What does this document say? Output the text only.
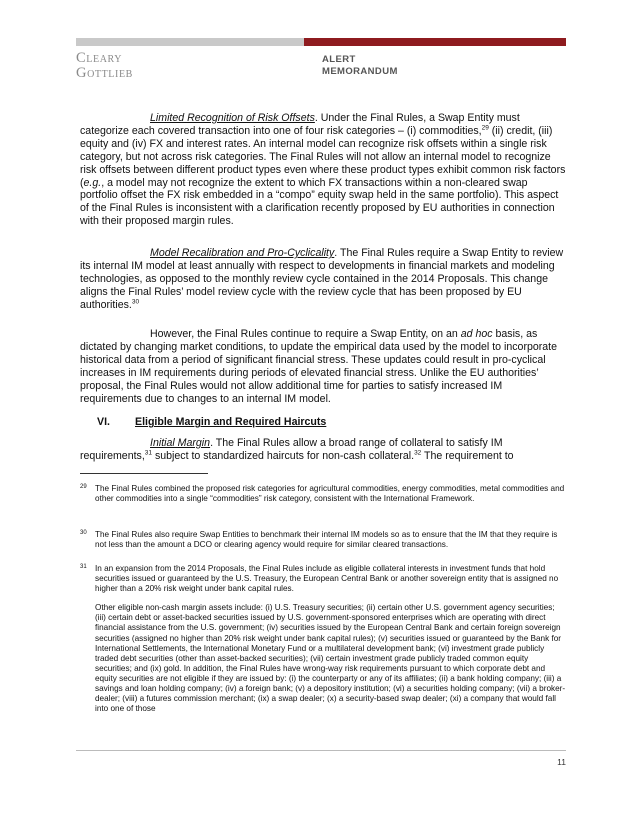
Cleary
Gottlieb
ALERT
MEMORANDUM

Limited Recognition of Risk Offsets. Under the Final Rules, a Swap Entity must categorize each covered transaction into one of four risk categories – (i) commodities,$^{29}$ (ii) credit, (iii) equity and (iv) FX and interest rates. An internal model can recognize risk offsets within a single risk category, but not across risk categories. The Final Rules will not allow an internal model to recognize risk offsets between different product types even where these product types exhibit common risk factors (e.g., a model may not recognize the extent to which FX transactions within a non-cleared swap portfolio offset the FX risk embedded in a “compo” equity swap held in the same portfolio). This aspect of the Final Rules is inconsistent with a clarification recently proposed by EU authorities in connection with their proposed margin rules.

Model Recalibration and Pro-Cyclicality. The Final Rules require a Swap Entity to review its internal IM model at least annually with respect to developments in financial markets and modeling technologies, as opposed to the monthly review cycle contained in the 2014 Proposals. This change aligns the Final Rules’ model review cycle with the review cycle that has been proposed by EU authorities.$^{30}$

However, the Final Rules continue to require a Swap Entity, on an ad hoc basis, as dictated by changing market conditions, to update the empirical data used by the model to incorporate historical data from a period of significant financial stress. These updates could result in pro-cyclical increases in IM requirements during periods of elevated financial stress. Unlike the EU authorities’ proposal, the Final Rules would not allow additional time for parties to satisfy increased IM requirements due to changes to an internal IM model.

VI. Eligible Margin and Required Haircuts

Initial Margin. The Final Rules allow a broad range of collateral to satisfy IM requirements,$^{31}$ subject to standardized haircuts for non-cash collateral.$^{32}$ The requirement to

29 The Final Rules combined the proposed risk categories for agricultural commodities, energy commodities, metal commodities and other commodities into a single “commodities” risk category, consistent with the International Framework.

30 The Final Rules also require Swap Entities to benchmark their internal IM models so as to ensure that the IM that they require is not less than the amount a DCO or clearing agency would require for similar cleared transactions.

31 In an expansion from the 2014 Proposals, the Final Rules include as eligible collateral interests in investment funds that hold securities issued or guaranteed by the U.S. Treasury, the European Central Bank or another sovereign entity that is assigned no higher than a 20% risk weight under bank capital rules.

Other eligible non-cash margin assets include: (i) U.S. Treasury securities; (ii) certain other U.S. government agency securities; (iii) certain debt or asset-backed securities issued by U.S. government-sponsored enterprises which are operating with direct financial assistance from the U.S. government; (iv) securities issued by the European Central Bank and certain foreign sovereign securities (assigned no higher than 20% risk weight under bank capital rules); (v) securities issued or guaranteed by the Bank for International Settlements, the International Monetary Fund or a multilateral development bank; (vi) investment grade publicly traded debt securities (other than asset-backed securities); (vii) certain investment grade publicly traded common equity securities; and (ix) gold. In addition, the Final Rules have wrong-way risk requirements pursuant to which corporate debt and equity securities are not eligible if they are issued by: (i) the counterparty or any of its affiliates; (ii) a bank holding company; (iii) a savings and loan holding company; (iv) a foreign bank; (v) a depository institution; (vi) a securities holding company; (vii) a broker-dealer; (viii) a futures commission merchant; (ix) a swap dealer; (x) a security-based swap dealer; (xi) a company that would fall into one of those

11
